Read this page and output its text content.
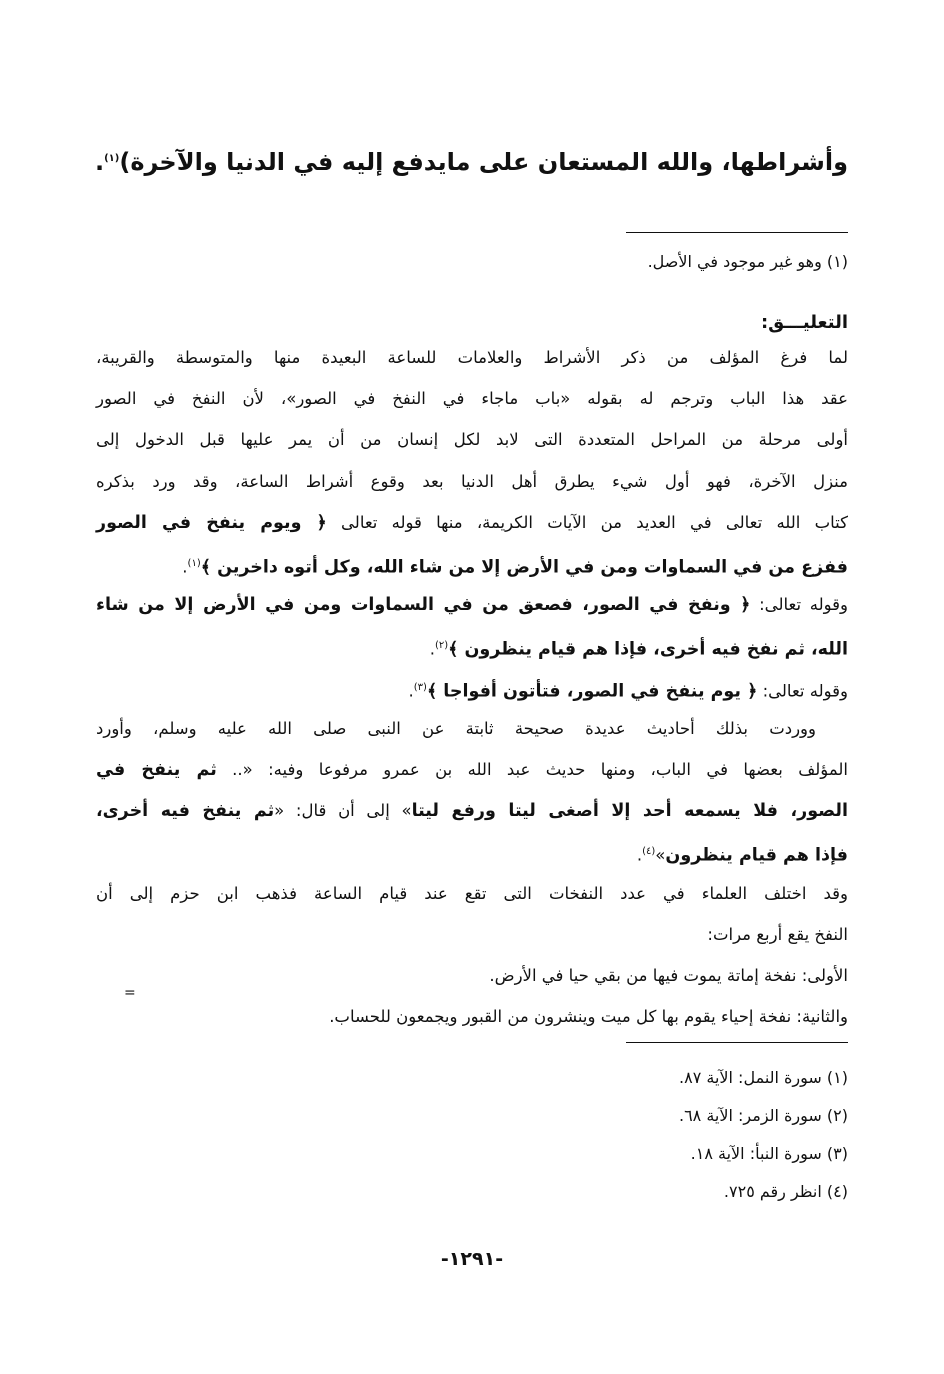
وأشراطها، والله المستعان على مايدفع إليه في الدنيا والآخرة)$^{(١)}$.
(١) وهو غير موجود في الأصل.
التعليـــق:
لما فرغ المؤلف من ذكر الأشراط والعلامات للساعة البعيدة منها والمتوسطة والقريبة،
عقد هذا الباب وترجم له بقوله «باب ماجاء في النفخ في الصور»، لأن النفخ في الصور
أولى مرحلة من المراحل المتعددة التى لابد لكل إنسان من أن يمر عليها قبل الدخول إلى
منزل الآخرة، فهو أول شيء يطرق أهل الدنيا بعد وقوع أشراط الساعة، وقد ورد بذكره
كتاب الله تعالى في العديد من الآيات الكريمة، منها قوله تعالى ﴿ ويوم ينفخ في الصور
ففزع من في السماوات ومن في الأرض إلا من شاء الله، وكل أتوه داخرين ﴾$^{(١)}$.
وقوله تعالى: ﴿ ونفخ في الصور، فصعق من في السماوات ومن في الأرض إلا من شاء
الله، ثم نفخ فيه أخرى، فإذا هم قيام ينظرون ﴾$^{(٢)}$.
وقوله تعالى: ﴿ يوم ينفخ في الصور، فتأتون أفواجا ﴾$^{(٣)}$.
ووردت بذلك أحاديث عديدة صحيحة ثابتة عن النبى صلى الله عليه وسلم، وأورد
المؤلف بعضها في الباب، ومنها حديث عبد الله بن عمرو مرفوعا وفيه: «.. ثم ينفخ في
الصور، فلا يسمعه أحد إلا أصغى ليتا ورفع ليتا» إلى أن قال: «ثم ينفخ فيه أخرى،
فإذا هم قيام ينظرون»$^{(٤)}$.
وقد اختلف العلماء في عدد النفخات التى تقع عند قيام الساعة فذهب ابن حزم إلى أن
النفخ يقع أربع مرات:
الأولى: نفخة إماتة يموت فيها من بقي حيا في الأرض.
والثانية: نفخة إحياء يقوم بها كل ميت وينشرون من القبور ويجمعون للحساب.
=
(١) سورة النمل: الآية ٨٧.
(٢) سورة الزمر: الآية ٦٨.
(٣) سورة النبأ: الآية ١٨.
(٤) انظر رقم ٧٢٥.
-١٢٩١-
